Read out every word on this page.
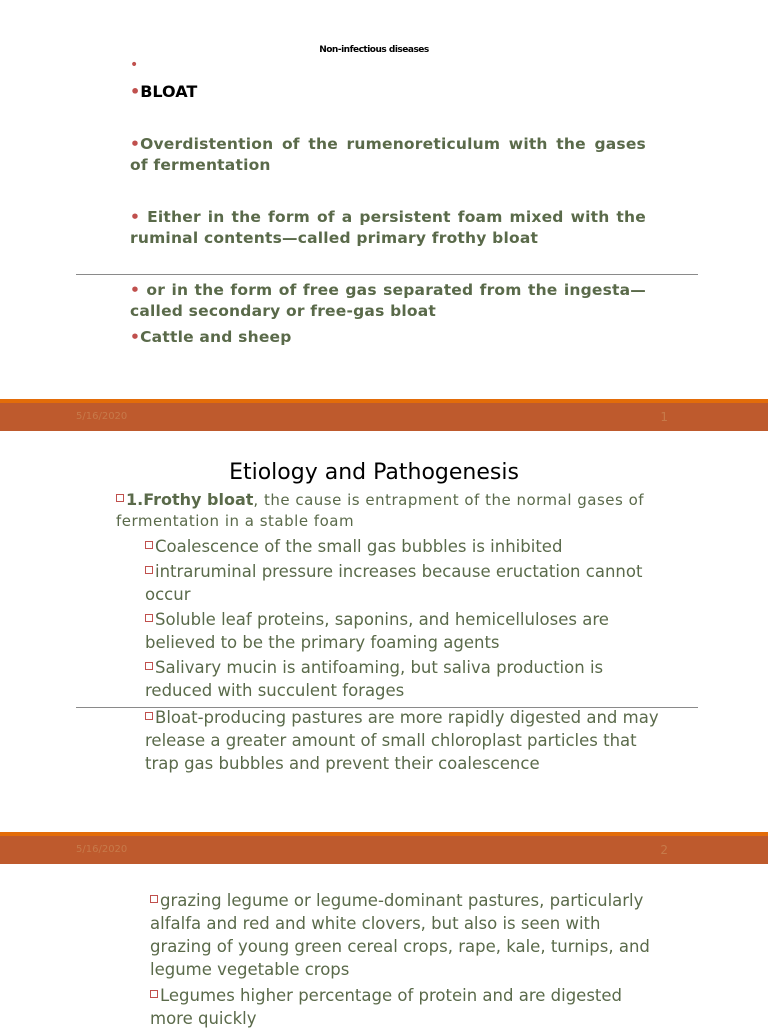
Non-infectious diseases
•
•BLOAT
•Overdistention of the rumenoreticulum with the gases of fermentation
• Either in the form of a persistent foam mixed with the ruminal contents—called primary frothy bloat
• or in the form of free gas separated from the ingesta—called secondary or free-gas bloat
•Cattle and sheep
5/16/2020	1
Etiology and Pathogenesis
1.Frothy bloat, the cause is entrapment of the normal gases of fermentation in a stable foam
Coalescence of the small gas bubbles is inhibited
intraruminal pressure increases because eructation cannot occur
Soluble leaf proteins, saponins, and hemicelluloses are believed to be the primary foaming agents
Salivary mucin is antifoaming, but saliva production is reduced with succulent forages
Bloat-producing pastures are more rapidly digested and may release a greater amount of small chloroplast particles that trap gas bubbles and prevent their coalescence
5/16/2020	2
grazing legume or legume-dominant pastures, particularly alfalfa and red and white clovers, but also is seen with grazing of young green cereal crops, rape, kale, turnips, and legume vegetable crops
Legumes higher percentage of protein and are digested more quickly
